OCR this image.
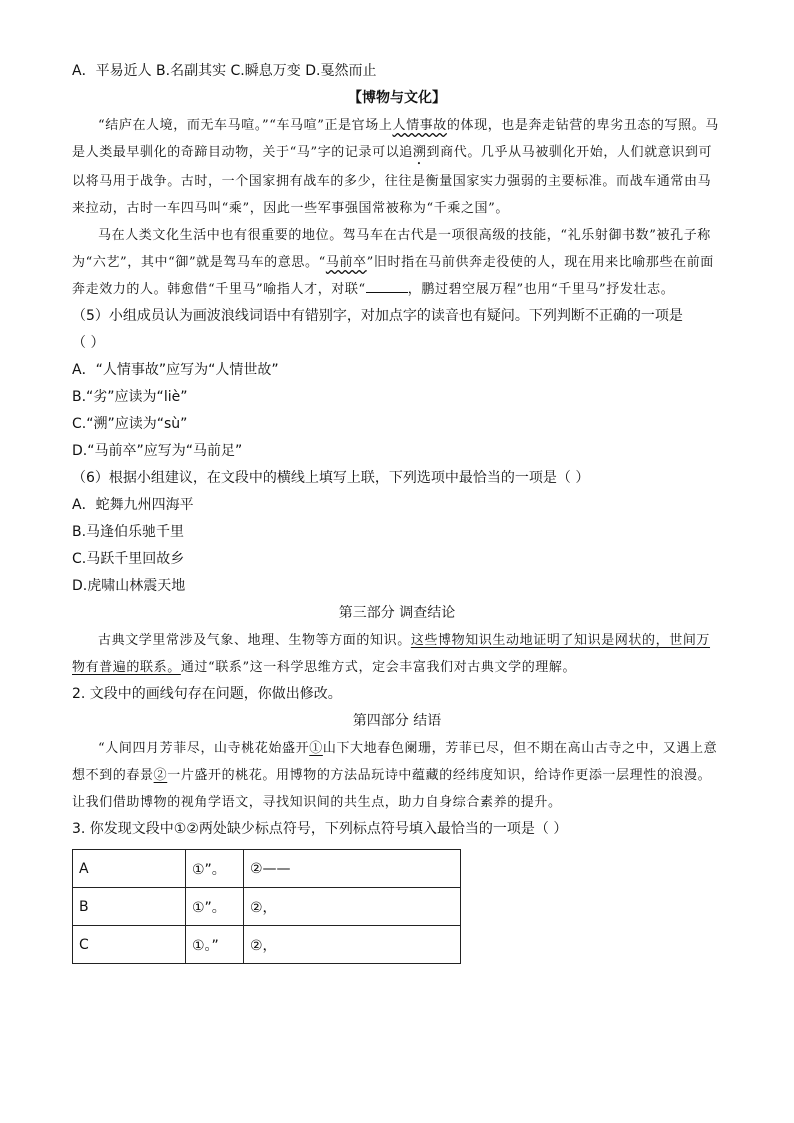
A．平易近人 B.名副其实 C.瞬息万变 D.戛然而止
【博物与文化】
“结庐在人境，而无车马喧。”“车马喧”正是官场上人情事故的体现，也是奔走钻营的卑劣丑态的写照。马是人类最早驯化的奇蹄目动物，关于“马”字的记录可以追溯到商代。几乎从马被驯化开始，人们就意识到可以将马用于战争。古时，一个国家拥有战车的多少，往往是衡量国家实力强弱的主要标准。而战车通常由马来拉动，古时一车四马叫“乘”，因此一些军事强国常被称为“千乘之国”。
马在人类文化生活中也有很重要的地位。驾马车在古代是一项很高级的技能，“礼乐射御书数”被孔子称为“六艺”，其中“御”就是驾马车的意思。“马前卒”旧时指在马前供奔走役使的人，现在用来比喻那些在前面奔走效力的人。韩愈借“千里马”喻指人才，对联“	，鹏过碧空展万程”也用“千里马”抒发壮志。
（5）小组成员认为画波浪线词语中有错别字，对加点字的读音也有疑问。下列判断不正确的一项是
（ ）
A．“人情事故”应写为“人情世故”
B.“劣”应读为“liè”
C.“溯”应读为“sù”
D.“马前卒”应写为“马前足”
（6）根据小组建议，在文段中的横线上填写上联，下列选项中最恰当的一项是（ ）
A．蛇舞九州四海平
B.马逢伯乐驰千里
C.马跃千里回故乡
D.虎啸山林震天地
第三部分 调查结论
古典文学里常涉及气象、地理、生物等方面的知识。这些博物知识生动地证明了知识是网状的，世间万物有普遍的联系。通过“联系”这一科学思维方式，定会丰富我们对古典文学的理解。
2. 文段中的画线句存在问题，你做出修改。
第四部分 结语
“人间四月芳菲尽，山寺桃花始盛开①山下大地春色阑珊，芳菲已尽，但不期在高山古寺之中，又遇上意想不到的春景②一片盛开的桃花。用博物的方法品玩诗中蕴藏的经纬度知识，给诗作更添一层理性的浪漫。让我们借助博物的视角学语文，寻找知识间的共生点，助力自身综合素养的提升。
3. 你发现文段中①②两处缺少标点符号，下列标点符号填入最恰当的一项是（ ）
A	①”。	②——
B	①”。	②，
C	①。”	②，
